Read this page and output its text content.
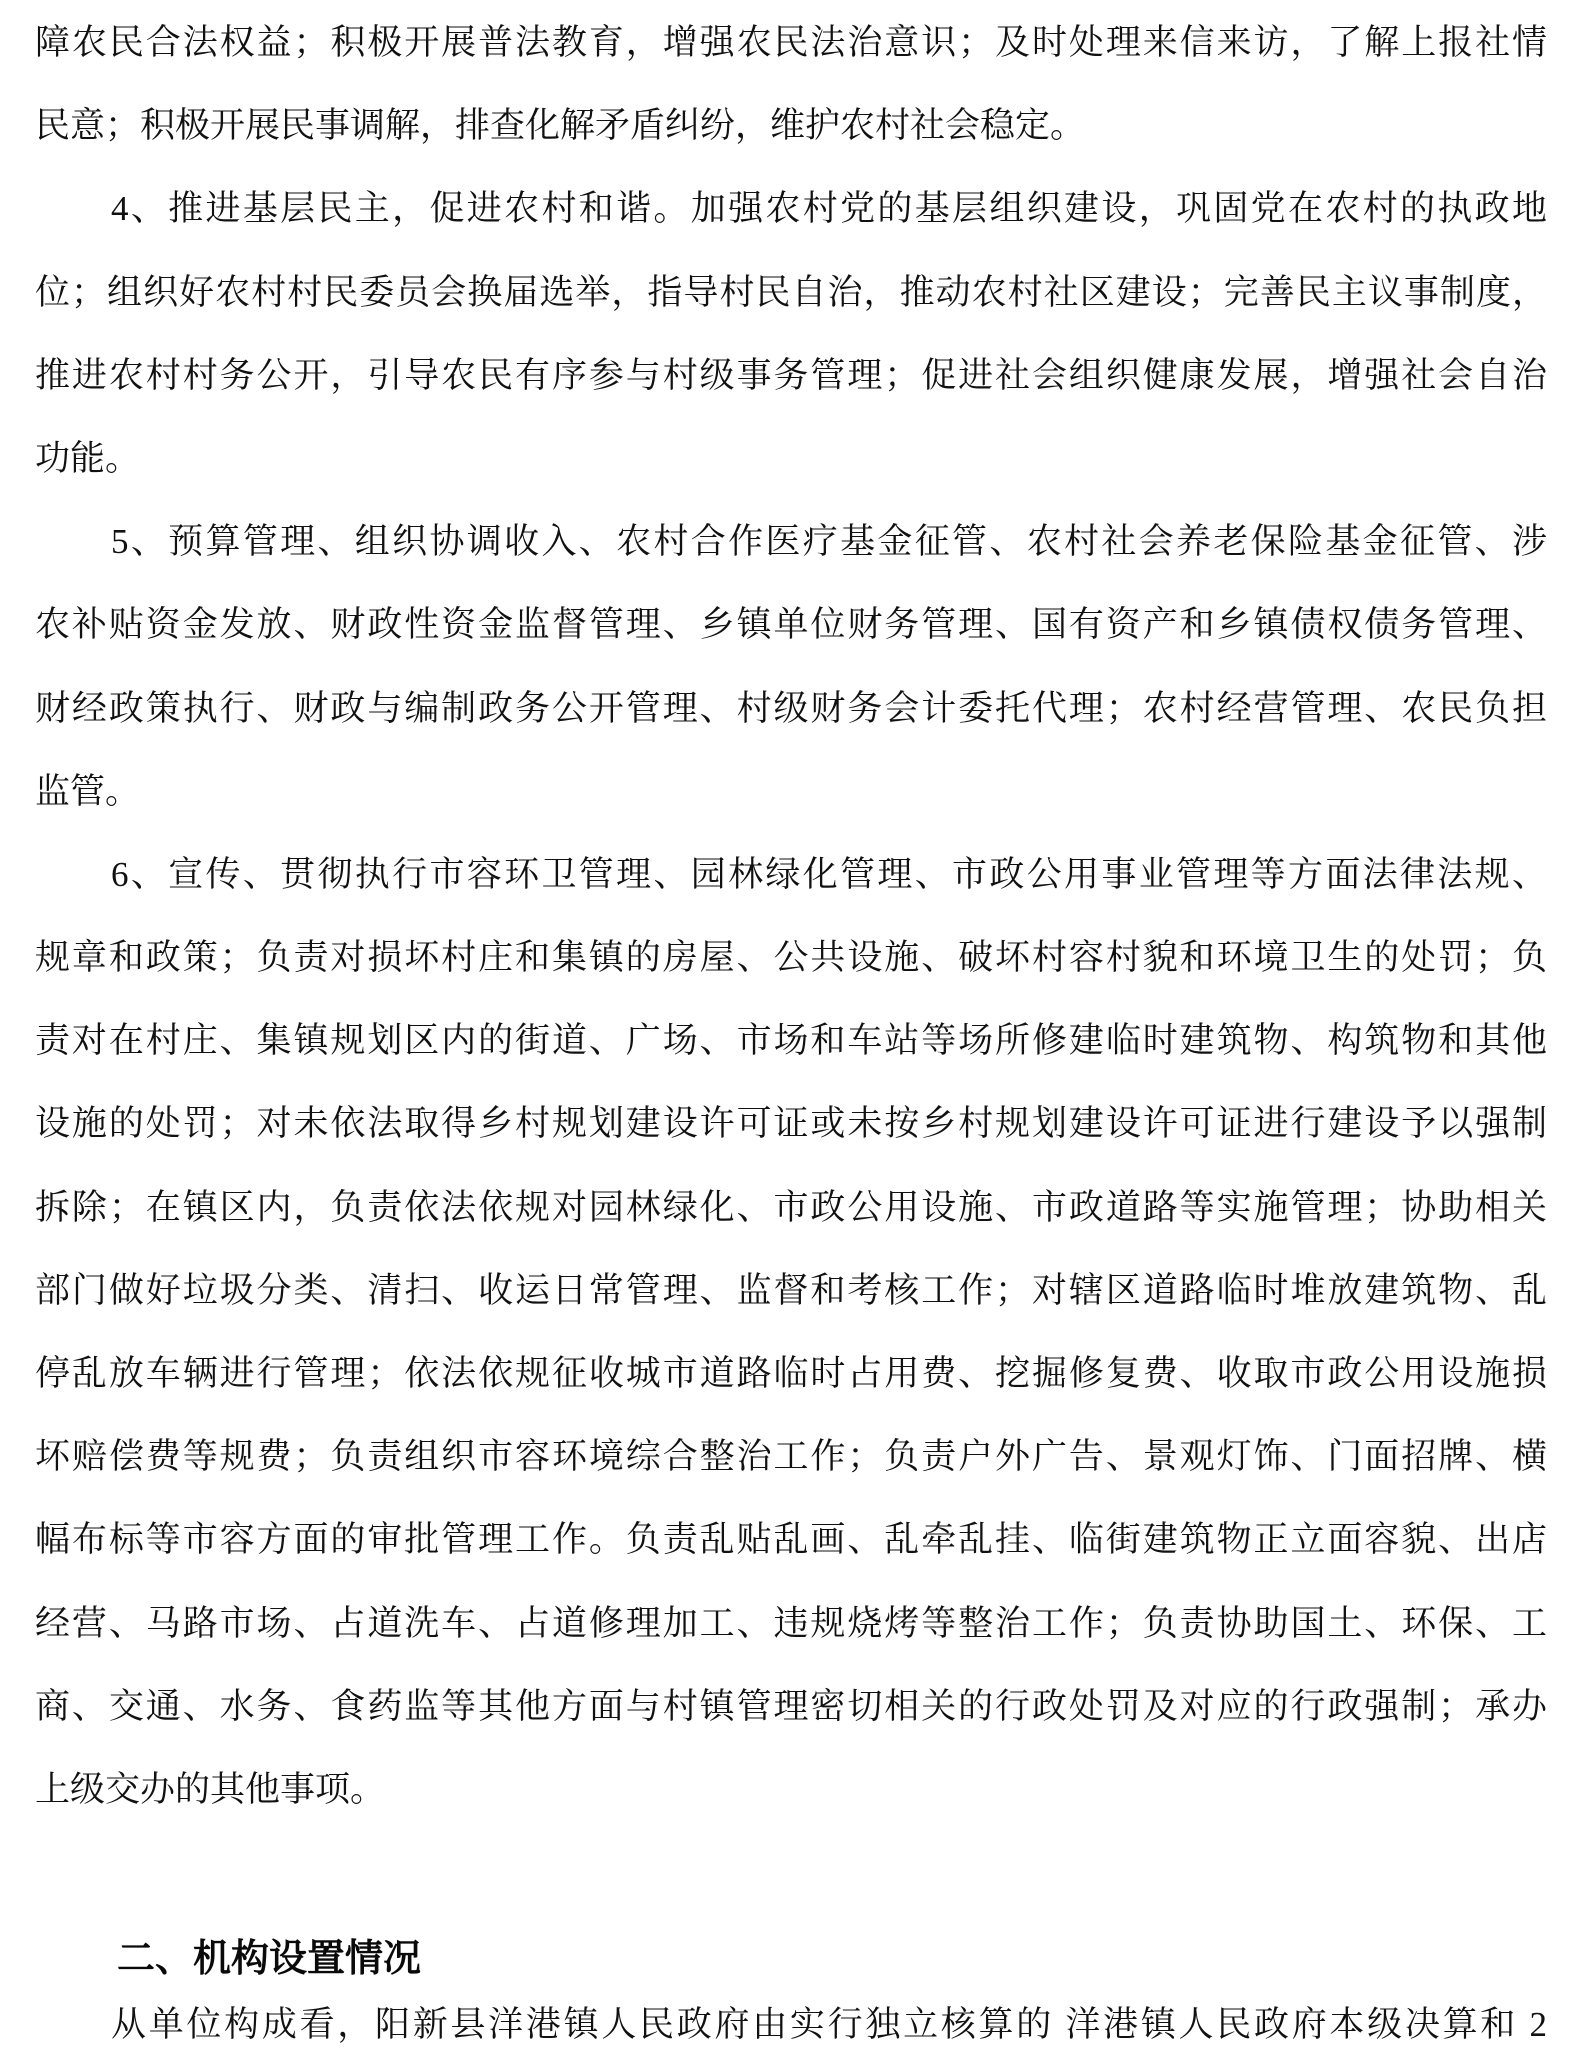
障农民合法权益；积极开展普法教育，增强农民法治意识；及时处理来信来访，了解上报社情
民意；积极开展民事调解，排查化解矛盾纠纷，维护农村社会稳定。
4、推进基层民主，促进农村和谐。加强农村党的基层组织建设，巩固党在农村的执政地
位；组织好农村村民委员会换届选举，指导村民自治，推动农村社区建设；完善民主议事制度，
推进农村村务公开，引导农民有序参与村级事务管理；促进社会组织健康发展，增强社会自治
功能。
5、预算管理、组织协调收入、农村合作医疗基金征管、农村社会养老保险基金征管、涉
农补贴资金发放、财政性资金监督管理、乡镇单位财务管理、国有资产和乡镇债权债务管理、
财经政策执行、财政与编制政务公开管理、村级财务会计委托代理；农村经营管理、农民负担
监管。
6、宣传、贯彻执行市容环卫管理、园林绿化管理、市政公用事业管理等方面法律法规、
规章和政策；负责对损坏村庄和集镇的房屋、公共设施、破坏村容村貌和环境卫生的处罚；负
责对在村庄、集镇规划区内的街道、广场、市场和车站等场所修建临时建筑物、构筑物和其他
设施的处罚；对未依法取得乡村规划建设许可证或未按乡村规划建设许可证进行建设予以强制
拆除；在镇区内，负责依法依规对园林绿化、市政公用设施、市政道路等实施管理；协助相关
部门做好垃圾分类、清扫、收运日常管理、监督和考核工作；对辖区道路临时堆放建筑物、乱
停乱放车辆进行管理；依法依规征收城市道路临时占用费、挖掘修复费、收取市政公用设施损
坏赔偿费等规费；负责组织市容环境综合整治工作；负责户外广告、景观灯饰、门面招牌、横
幅布标等市容方面的审批管理工作。负责乱贴乱画、乱牵乱挂、临街建筑物正立面容貌、出店
经营、马路市场、占道洗车、占道修理加工、违规烧烤等整治工作；负责协助国土、环保、工
商、交通、水务、食药监等其他方面与村镇管理密切相关的行政处罚及对应的行政强制；承办
上级交办的其他事项。
二、机构设置情况
从单位构成看，阳新县洋港镇人民政府由实行独立核算的 洋港镇人民政府本级决算和 2
